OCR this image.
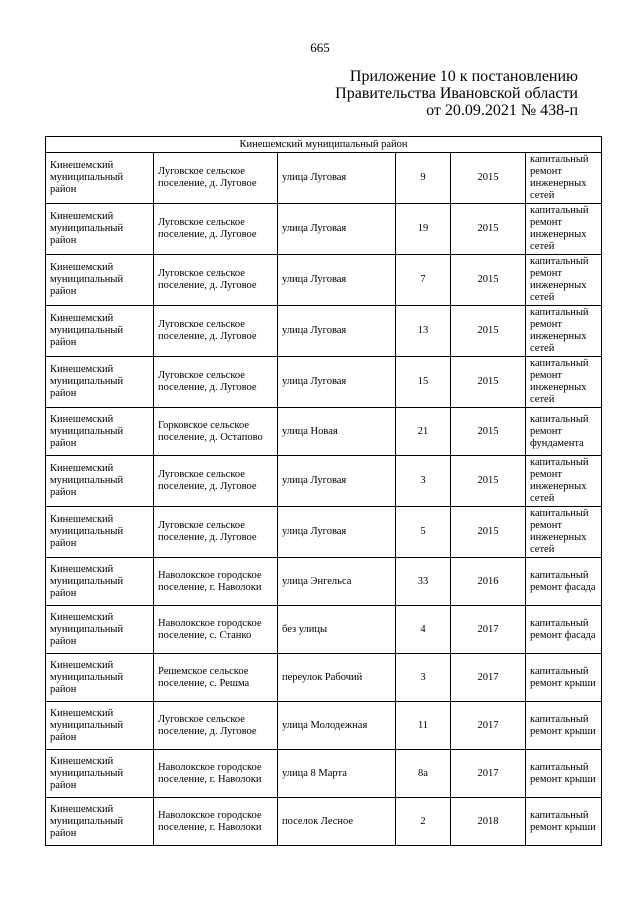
665
Приложение 10 к постановлению
Правительства Ивановской области
от 20.09.2021 № 438-п
Кинешемский муниципальный район					
Кинешемский муниципальный район	Луговское сельское поселение, д. Луговое	улица Луговая	9	2015	капитальный ремонт инженерных сетей
Кинешемский муниципальный район	Луговское сельское поселение, д. Луговое	улица Луговая	19	2015	капитальный ремонт инженерных сетей
Кинешемский муниципальный район	Луговское сельское поселение, д. Луговое	улица Луговая	7	2015	капитальный ремонт инженерных сетей
Кинешемский муниципальный район	Луговское сельское поселение, д. Луговое	улица Луговая	13	2015	капитальный ремонт инженерных сетей
Кинешемский муниципальный район	Луговское сельское поселение, д. Луговое	улица Луговая	15	2015	капитальный ремонт инженерных сетей
Кинешемский муниципальный район	Горковское сельское поселение, д. Остапово	улица Новая	21	2015	капитальный ремонт фундамента
Кинешемский муниципальный район	Луговское сельское поселение, д. Луговое	улица Луговая	3	2015	капитальный ремонт инженерных сетей
Кинешемский муниципальный район	Луговское сельское поселение, д. Луговое	улица Луговая	5	2015	капитальный ремонт инженерных сетей
Кинешемский муниципальный район	Наволокское городское поселение, г. Наволоки	улица Энгельса	33	2016	капитальный ремонт фасада
Кинешемский муниципальный район	Наволокское городское поселение, с. Станко	без улицы	4	2017	капитальный ремонт фасада
Кинешемский муниципальный район	Решемское сельское поселение, с. Решма	переулок Рабочий	3	2017	капитальный ремонт крыши
Кинешемский муниципальный район	Луговское сельское поселение, д. Луговое	улица Молодежная	11	2017	капитальный ремонт крыши
Кинешемский муниципальный район	Наволокское городское поселение, г. Наволоки	улица 8 Марта	8а	2017	капитальный ремонт крыши
Кинешемский муниципальный район	Наволокское городское поселение, г. Наволоки	поселок Лесное	2	2018	капитальный ремонт крыши
